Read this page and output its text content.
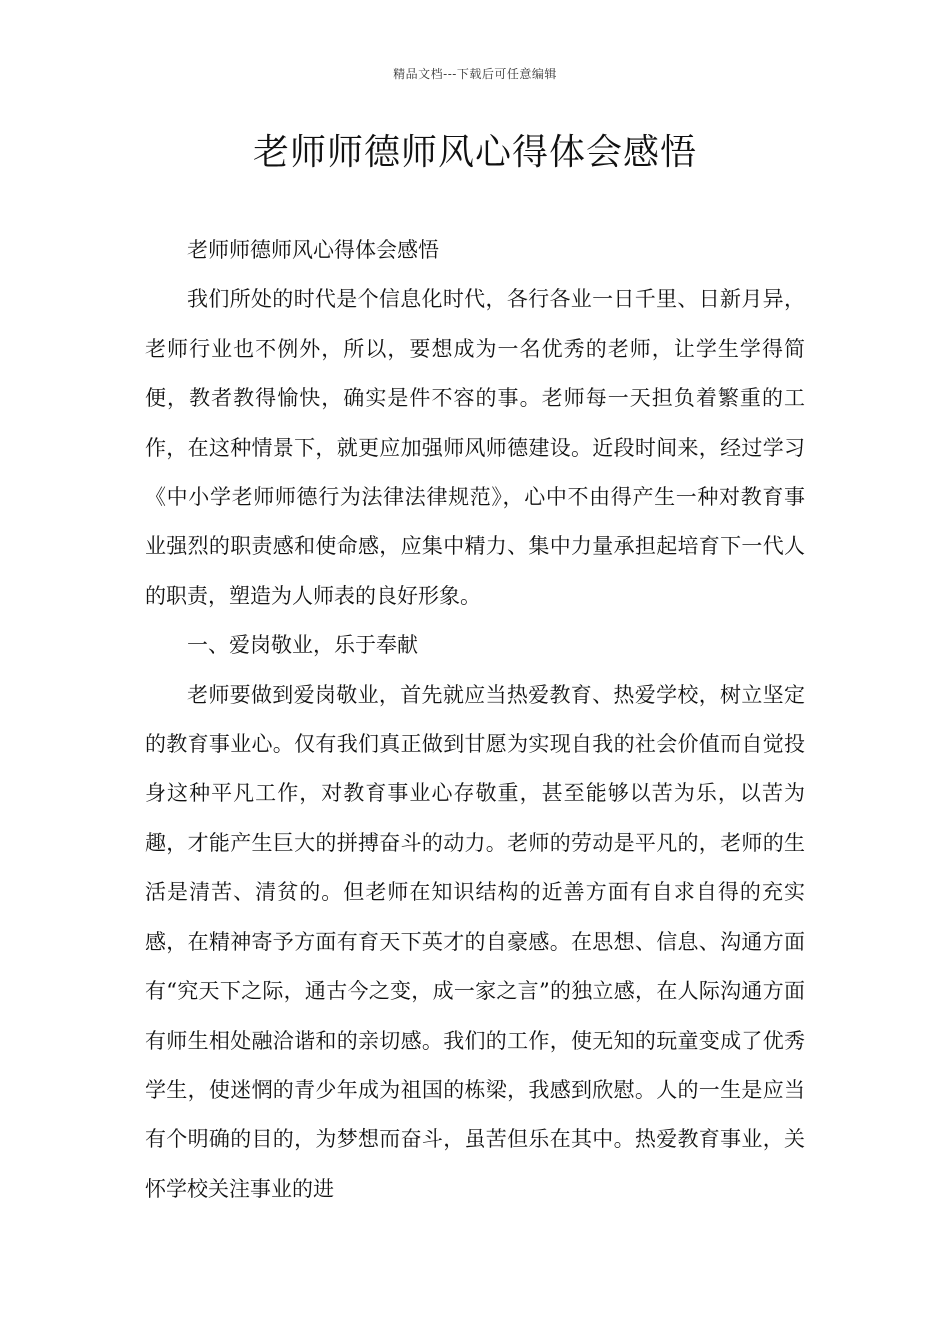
精品文档---下载后可任意编辑
老师师德师风心得体会感悟

老师师德师风心得体会感悟

我们所处的时代是个信息化时代，各行各业一日千里、日新月异，老师行业也不例外，所以，要想成为一名优秀的老师，让学生学得简便，教者教得愉快，确实是件不容的事。老师每一天担负着繁重的工作，在这种情景下，就更应加强师风师德建设。近段时间来，经过学习《中小学老师师德行为法律法律规范》，心中不由得产生一种对教育事业强烈的职责感和使命感，应集中精力、集中力量承担起培育下一代人的职责，塑造为人师表的良好形象。

一、爱岗敬业，乐于奉献

老师要做到爱岗敬业，首先就应当热爱教育、热爱学校，树立坚定的教育事业心。仅有我们真正做到甘愿为实现自我的社会价值而自觉投身这种平凡工作，对教育事业心存敬重，甚至能够以苦为乐，以苦为趣，才能产生巨大的拼搏奋斗的动力。老师的劳动是平凡的，老师的生活是清苦、清贫的。但老师在知识结构的近善方面有自求自得的充实感，在精神寄予方面有育天下英才的自豪感。在思想、信息、沟通方面有“究天下之际，通古今之变，成一家之言”的独立感，在人际沟通方面有师生相处融洽谐和的亲切感。我们的工作，使无知的玩童变成了优秀学生，使迷惘的青少年成为祖国的栋梁，我感到欣慰。人的一生是应当有个明确的目的，为梦想而奋斗，虽苦但乐在其中。热爱教育事业，关怀学校关注事业的进
